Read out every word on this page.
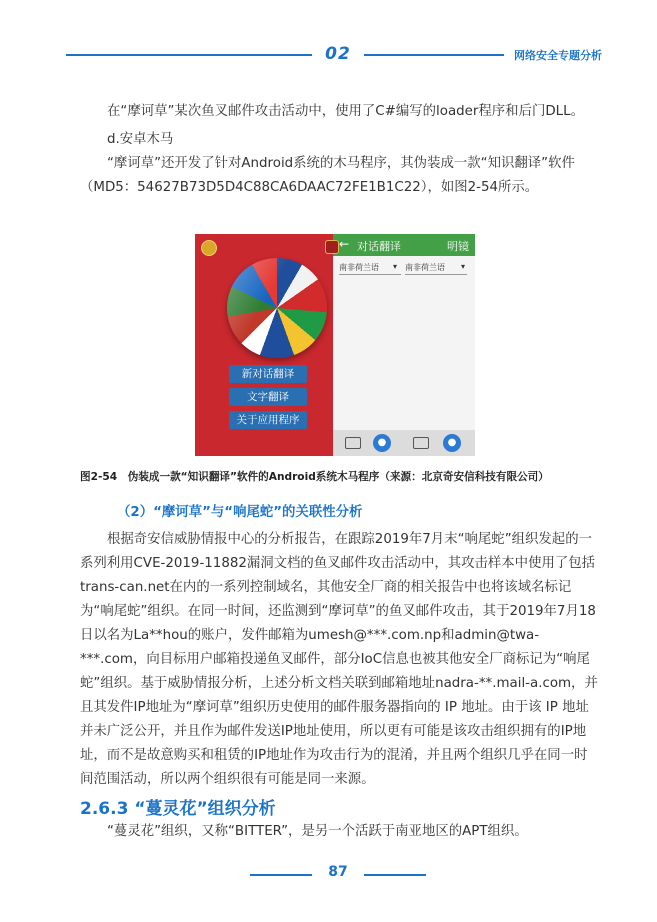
02	网络安全专题分析

在“摩诃草”某次鱼叉邮件攻击活动中，使用了C#编写的loader程序和后门DLL。

d.安卓木马

“摩诃草”还开发了针对Android系统的木马程序，其伪装成一款“知识翻译”软件（MD5：54627B73D5D4C88CA6DAAC72FE1B1C22），如图2-54所示。

新对话翻译
文字翻译
关于应用程序
← 对话翻译	明镜
南非荷兰语 ▾ 南非荷兰语 ▾
●	●
图2-54　伪装成一款“知识翻译”软件的Android系统木马程序（来源：北京奇安信科技有限公司）
（2）“摩诃草”与“响尾蛇”的关联性分析

根据奇安信威胁情报中心的分析报告，在跟踪2019年7月末“响尾蛇”组织发起的一系列利用CVE-2019-11882漏洞文档的鱼叉邮件攻击活动中，其攻击样本中使用了包括trans-can.net在内的一系列控制域名，其他安全厂商的相关报告中也将该域名标记为“响尾蛇”组织。在同一时间，还监测到“摩诃草”的鱼叉邮件攻击，其于2019年7月18日以名为La**hou的账户，发件邮箱为umesh@***.com.np和admin@twa-***.com，向目标用户邮箱投递鱼叉邮件，部分IoC信息也被其他安全厂商标记为“响尾蛇”组织。基于威胁情报分析，上述分析文档关联到邮箱地址nadra-**.mail-a.com，并且其发件IP地址为“摩诃草”组织历史使用的邮件服务器指向的 IP 地址。由于该 IP 地址并未广泛公开，并且作为邮件发送IP地址使用，所以更有可能是该攻击组织拥有的IP地址，而不是故意购买和租赁的IP地址作为攻击行为的混淆，并且两个组织几乎在同一时间范围活动，所以两个组织很有可能是同一来源。

2.6.3 “蔓灵花”组织分析

“蔓灵花”组织，又称“BITTER”，是另一个活跃于南亚地区的APT组织。

87
